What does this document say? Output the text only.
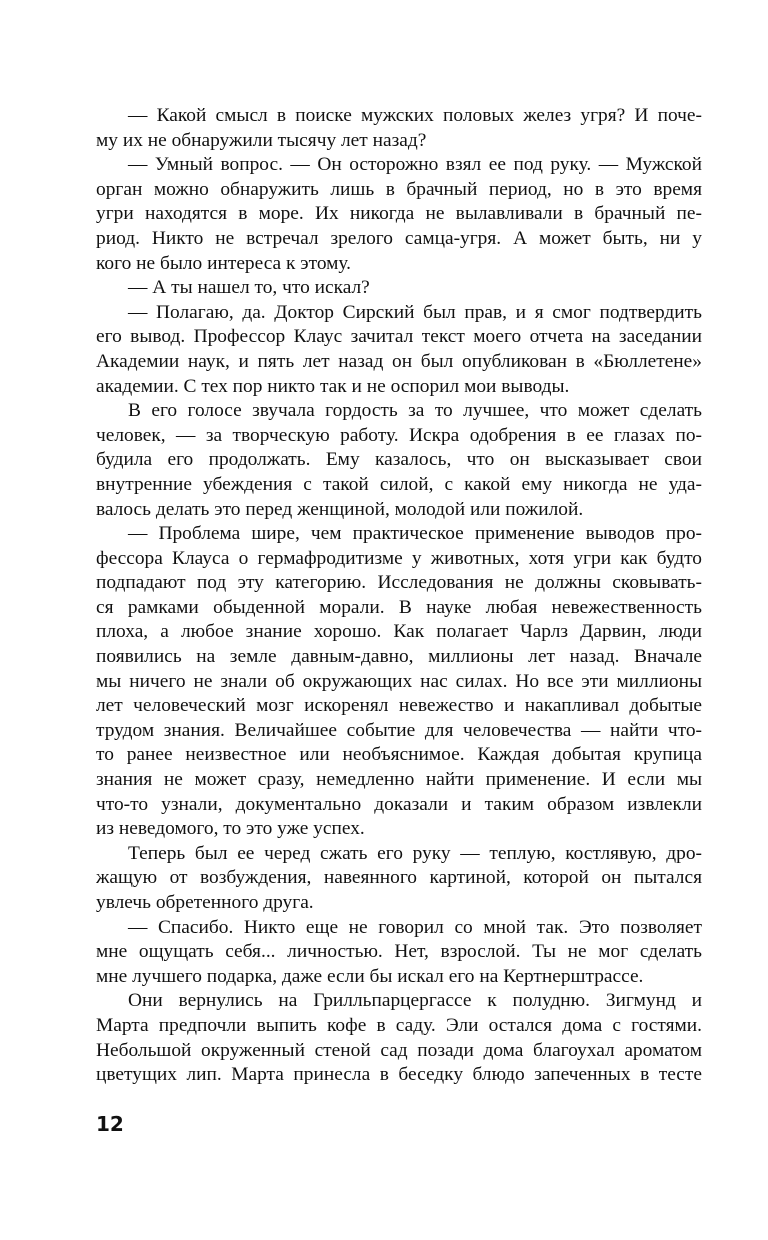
— Какой смысл в поиске мужских половых желез угря? И поче-
му их не обнаружили тысячу лет назад?
— Умный вопрос. — Он осторожно взял ее под руку. — Мужской
орган можно обнаружить лишь в брачный период, но в это время
угри находятся в море. Их никогда не вылавливали в брачный пе-
риод. Никто не встречал зрелого самца-угря. А может быть, ни у
кого не было интереса к этому.
— А ты нашел то, что искал?
— Полагаю, да. Доктор Сирский был прав, и я смог подтвердить
его вывод. Профессор Клаус зачитал текст моего отчета на заседании
Академии наук, и пять лет назад он был опубликован в «Бюллетене»
академии. С тех пор никто так и не оспорил мои выводы.
В его голосе звучала гордость за то лучшее, что может сделать
человек, — за творческую работу. Искра одобрения в ее глазах по-
будила его продолжать. Ему казалось, что он высказывает свои
внутренние убеждения с такой силой, с какой ему никогда не уда-
валось делать это перед женщиной, молодой или пожилой.
— Проблема шире, чем практическое применение выводов про-
фессора Клауса о гермафродитизме у животных, хотя угри как будто
подпадают под эту категорию. Исследования не должны сковывать-
ся рамками обыденной морали. В науке любая невежественность
плоха, а любое знание хорошо. Как полагает Чарлз Дарвин, люди
появились на земле давным-давно, миллионы лет назад. Вначале
мы ничего не знали об окружающих нас силах. Но все эти миллионы
лет человеческий мозг искоренял невежество и накапливал добытые
трудом знания. Величайшее событие для человечества — найти что-
то ранее неизвестное или необъяснимое. Каждая добытая крупица
знания не может сразу, немедленно найти применение. И если мы
что-то узнали, документально доказали и таким образом извлекли
из неведомого, то это уже успех.
Теперь был ее черед сжать его руку — теплую, костлявую, дро-
жащую от возбуждения, навеянного картиной, которой он пытался
увлечь обретенного друга.
— Спасибо. Никто еще не говорил со мной так. Это позволяет
мне ощущать себя... личностью. Нет, взрослой. Ты не мог сделать
мне лучшего подарка, даже если бы искал его на Кертнерштрассе.
Они вернулись на Грилльпарцергассе к полудню. Зигмунд и
Марта предпочли выпить кофе в саду. Эли остался дома с гостями.
Небольшой окруженный стеной сад позади дома благоухал ароматом
цветущих лип. Марта принесла в беседку блюдо запеченных в тесте
12
